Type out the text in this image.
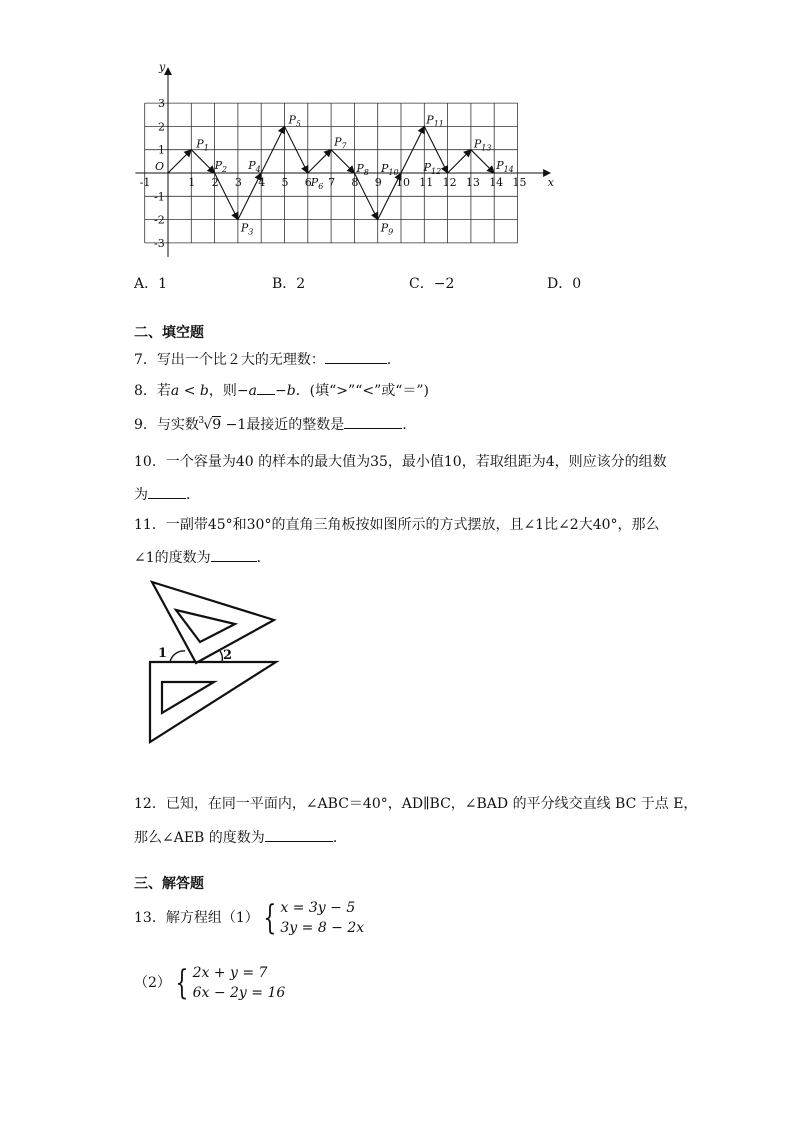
y
x
O
-1	1 2 3 4 5 6 7 8 9 10 11 12 13 14 15
3
2
1
-1
-2
-3
$P_1$
$P_2$
$P_3$
$P_4$
$P_5$
$P_6$
$P_7$
$P_8$
$P_9$
$P_{10}$
$P_{11}$
$P_{12}$
$P_{13}$
$P_{14}$
A．1	B．2	C．−2	D．0
二、填空题
7．写出一个比２大的无理数：	．
8．若a < b，则−a −b．(填“>”“<”或“＝”)
9．与实数 3 √9 −1最接近的整数是	．
10．一个容量为40 的样本的最大值为35，最小值10，若取组距为4，则应该分的组数
为	．
11．一副带45°和30°的直角三角板按如图所示的方式摆放，且∠1比∠2大40°，那么
∠1的度数为	．
1	2
12．已知，在同一平面内，∠ABC＝40°，AD∥BC，∠BAD 的平分线交直线 BC 于点 E，
那么∠AEB 的度数为	．
三、解答题
13．解方程组（1） { x = 3y − 5
3y = 8 − 2x
（2） { 2x + y = 7
6x − 2y = 16
